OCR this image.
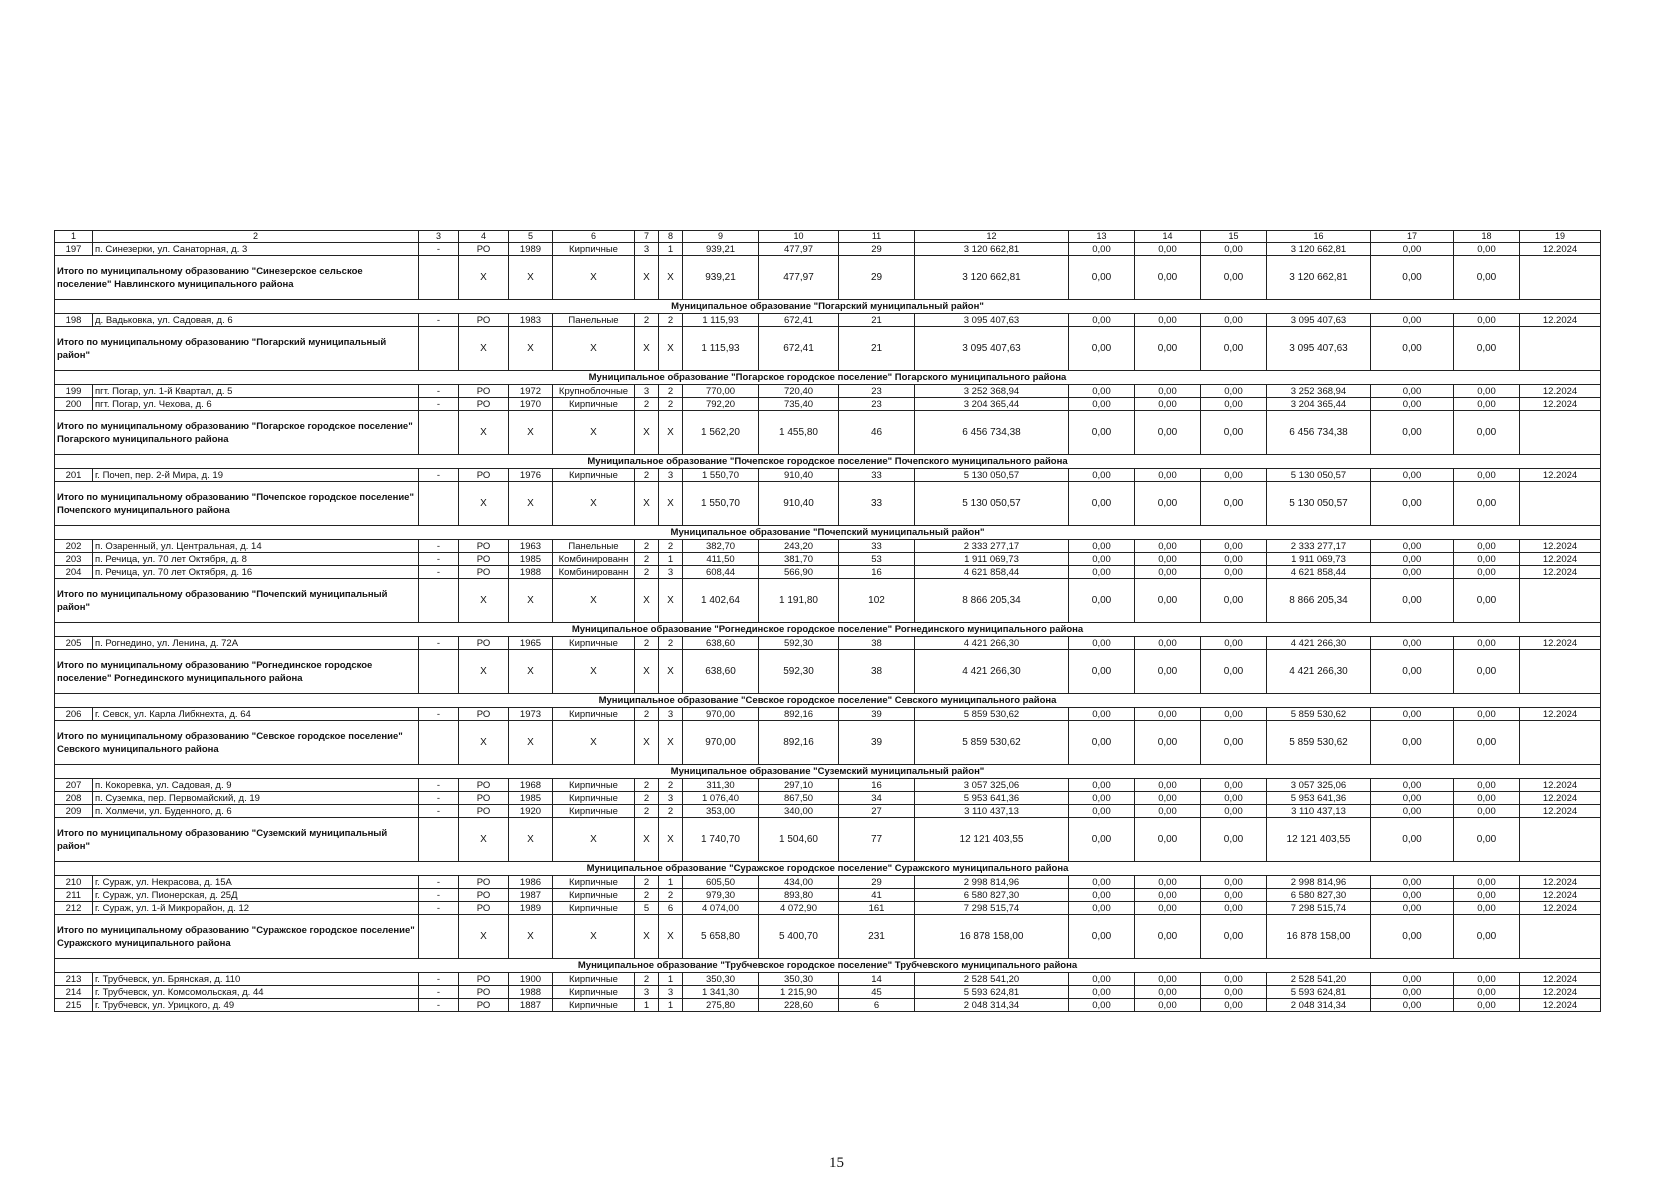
1	2	3	4	5	6	7	8	9	10	11	12	13	14	15	16	17	18	19
197	п. Синезерки, ул. Санаторная, д. 3	-	РО	1989	Кирпичные	3	1	939,21	477,97	29	3 120 662,81	0,00	0,00	0,00	3 120 662,81	0,00	0,00	12.2024
Итого по муниципальному образованию "Синезерское сельское поселение" Навлинского муниципального района			Х	Х	Х	Х	Х	939,21	477,97	29	3 120 662,81	0,00	0,00	0,00	3 120 662,81	0,00	0,00	
Муниципальное образование "Погарский муниципальный район"																		
198	д. Вадьковка, ул. Садовая, д. 6	-	РО	1983	Панельные	2	2	1 115,93	672,41	21	3 095 407,63	0,00	0,00	0,00	3 095 407,63	0,00	0,00	12.2024
Итого по муниципальному образованию "Погарский муниципальный район"			Х	Х	Х	Х	Х	1 115,93	672,41	21	3 095 407,63	0,00	0,00	0,00	3 095 407,63	0,00	0,00	
Муниципальное образование "Погарское городское поселение" Погарского муниципального района																		
199	пгт. Погар, ул. 1-й Квартал, д. 5	-	РО	1972	Крупноблочные	3	2	770,00	720,40	23	3 252 368,94	0,00	0,00	0,00	3 252 368,94	0,00	0,00	12.2024
200	пгт. Погар, ул. Чехова, д. 6	-	РО	1970	Кирпичные	2	2	792,20	735,40	23	3 204 365,44	0,00	0,00	0,00	3 204 365,44	0,00	0,00	12.2024
Итого по муниципальному образованию "Погарское городское поселение" Погарского муниципального района			Х	Х	Х	Х	Х	1 562,20	1 455,80	46	6 456 734,38	0,00	0,00	0,00	6 456 734,38	0,00	0,00	
Муниципальное образование "Почепское городское поселение" Почепского муниципального района																		
201	г. Почеп, пер. 2-й Мира, д. 19	-	РО	1976	Кирпичные	2	3	1 550,70	910,40	33	5 130 050,57	0,00	0,00	0,00	5 130 050,57	0,00	0,00	12.2024
Итого по муниципальному образованию "Почепское городское поселение" Почепского муниципального района			Х	Х	Х	Х	Х	1 550,70	910,40	33	5 130 050,57	0,00	0,00	0,00	5 130 050,57	0,00	0,00	
Муниципальное образование "Почепский муниципальный район"																		
202	п. Озаренный, ул. Центральная, д. 14	-	РО	1963	Панельные	2	2	382,70	243,20	33	2 333 277,17	0,00	0,00	0,00	2 333 277,17	0,00	0,00	12.2024
203	п. Речица, ул. 70 лет Октября, д. 8	-	РО	1985	Комбинированн	2	1	411,50	381,70	53	1 911 069,73	0,00	0,00	0,00	1 911 069,73	0,00	0,00	12.2024
204	п. Речица, ул. 70 лет Октября, д. 16	-	РО	1988	Комбинированн	2	3	608,44	566,90	16	4 621 858,44	0,00	0,00	0,00	4 621 858,44	0,00	0,00	12.2024
Итого по муниципальному образованию "Почепский муниципальный район"			Х	Х	Х	Х	Х	1 402,64	1 191,80	102	8 866 205,34	0,00	0,00	0,00	8 866 205,34	0,00	0,00	
Муниципальное образование "Рогнединское городское поселение" Рогнединского муниципального района																		
205	п. Рогнедино, ул. Ленина, д. 72А	-	РО	1965	Кирпичные	2	2	638,60	592,30	38	4 421 266,30	0,00	0,00	0,00	4 421 266,30	0,00	0,00	12.2024
Итого по муниципальному образованию "Рогнединское городское поселение" Рогнединского муниципального района			Х	Х	Х	Х	Х	638,60	592,30	38	4 421 266,30	0,00	0,00	0,00	4 421 266,30	0,00	0,00	
Муниципальное образование "Севское городское поселение" Севского муниципального района																		
206	г. Севск, ул. Карла Либкнехта, д. 64	-	РО	1973	Кирпичные	2	3	970,00	892,16	39	5 859 530,62	0,00	0,00	0,00	5 859 530,62	0,00	0,00	12.2024
Итого по муниципальному образованию "Севское городское поселение" Севского муниципального района			Х	Х	Х	Х	Х	970,00	892,16	39	5 859 530,62	0,00	0,00	0,00	5 859 530,62	0,00	0,00	
Муниципальное образование "Суземский муниципальный район"																		
207	п. Кокоревка, ул. Садовая, д. 9	-	РО	1968	Кирпичные	2	2	311,30	297,10	16	3 057 325,06	0,00	0,00	0,00	3 057 325,06	0,00	0,00	12.2024
208	п. Суземка, пер. Первомайский, д. 19	-	РО	1985	Кирпичные	2	3	1 076,40	867,50	34	5 953 641,36	0,00	0,00	0,00	5 953 641,36	0,00	0,00	12.2024
209	п. Холмечи, ул. Буденного, д. 6	-	РО	1920	Кирпичные	2	2	353,00	340,00	27	3 110 437,13	0,00	0,00	0,00	3 110 437,13	0,00	0,00	12.2024
Итого по муниципальному образованию "Суземский муниципальный район"			Х	Х	Х	Х	Х	1 740,70	1 504,60	77	12 121 403,55	0,00	0,00	0,00	12 121 403,55	0,00	0,00	
Муниципальное образование "Суражское городское поселение" Суражского муниципального района																		
210	г. Сураж, ул. Некрасова, д. 15А	-	РО	1986	Кирпичные	2	1	605,50	434,00	29	2 998 814,96	0,00	0,00	0,00	2 998 814,96	0,00	0,00	12.2024
211	г. Сураж, ул. Пионерская, д. 25Д	-	РО	1987	Кирпичные	2	2	979,30	893,80	41	6 580 827,30	0,00	0,00	0,00	6 580 827,30	0,00	0,00	12.2024
212	г. Сураж, ул. 1-й Микрорайон, д. 12	-	РО	1989	Кирпичные	5	6	4 074,00	4 072,90	161	7 298 515,74	0,00	0,00	0,00	7 298 515,74	0,00	0,00	12.2024
Итого по муниципальному образованию "Суражское городское поселение" Суражского муниципального района			Х	Х	Х	Х	Х	5 658,80	5 400,70	231	16 878 158,00	0,00	0,00	0,00	16 878 158,00	0,00	0,00	
Муниципальное образование "Трубчевское городское поселение" Трубчевского муниципального района																		
213	г. Трубчевск, ул. Брянская, д. 110	-	РО	1900	Кирпичные	2	1	350,30	350,30	14	2 528 541,20	0,00	0,00	0,00	2 528 541,20	0,00	0,00	12.2024
214	г. Трубчевск, ул. Комсомольская, д. 44	-	РО	1988	Кирпичные	3	3	1 341,30	1 215,90	45	5 593 624,81	0,00	0,00	0,00	5 593 624,81	0,00	0,00	12.2024
215	г. Трубчевск, ул. Урицкого, д. 49	-	РО	1887	Кирпичные	1	1	275,80	228,60	6	2 048 314,34	0,00	0,00	0,00	2 048 314,34	0,00	0,00	12.2024
15
